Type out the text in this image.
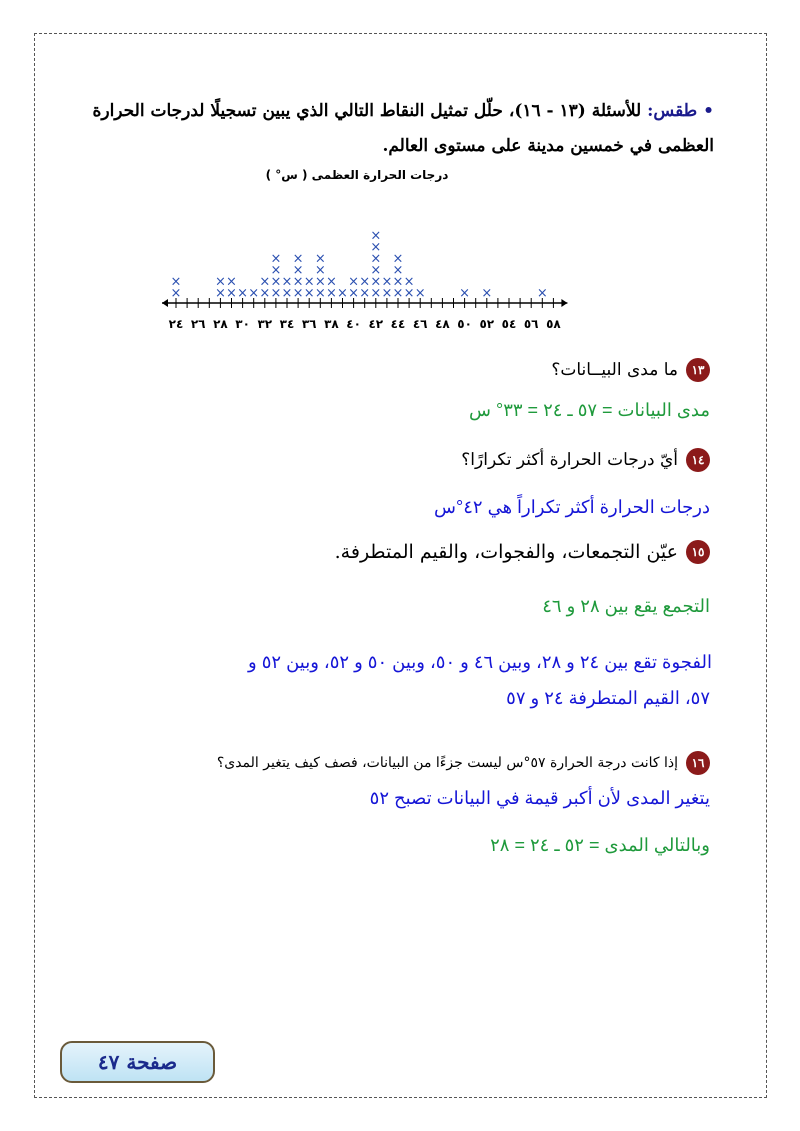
• طقس: للأسئلة (١٣ - ١٦)، حلّل تمثيل النقاط التالي الذي يبين تسجيلًا لدرجات الحرارة
العظمى في خمسين مدينة على مستوى العالم.
درجات الحرارة العظمى ( س° )
×
×
×
×
×
×
× × ×
×
×
×
×
×
×
×
×
×
×
×
×
×
×
×
×
×
×
×
× ×
×
×
×
×
×
×
×
×
×
×
×
×
×
×
×
×
×
×	× ×	×
٢٤ ٢٦ ٢٨ ٣٠ ٣٢ ٣٤ ٣٦ ٣٨ ٤٠ ٤٢ ٤٤ ٤٦ ٤٨ ٥٠ ٥٢ ٥٤ ٥٦ ٥٨
١٣
ما مدى البيــانات؟
مدى البيانات = ٥٧ ـ ٢٤ = ٣٣° س
١٤
أيّ درجات الحرارة أكثر تكرارًا؟
درجات الحرارة أكثر تكراراً هي ٤٢°س
١٥
عيّن التجمعات، والفجوات، والقيم المتطرفة.
التجمع يقع بين ٢٨ و ٤٦
الفجوة تقع بين ٢٤ و ٢٨، وبين ٤٦ و ٥٠، وبين ٥٠ و ٥٢، وبين ٥٢ و
٥٧، القيم المتطرفة ٢٤ و ٥٧
١٦
إذا كانت درجة الحرارة ٥٧°س ليست جزءًا من البيانات، فصف كيف يتغير المدى؟
يتغير المدى لأن أكبر قيمة في البيانات تصبح ٥٢
وبالتالي المدى = ٥٢ ـ ٢٤ = ٢٨
صفحة ٤٧
